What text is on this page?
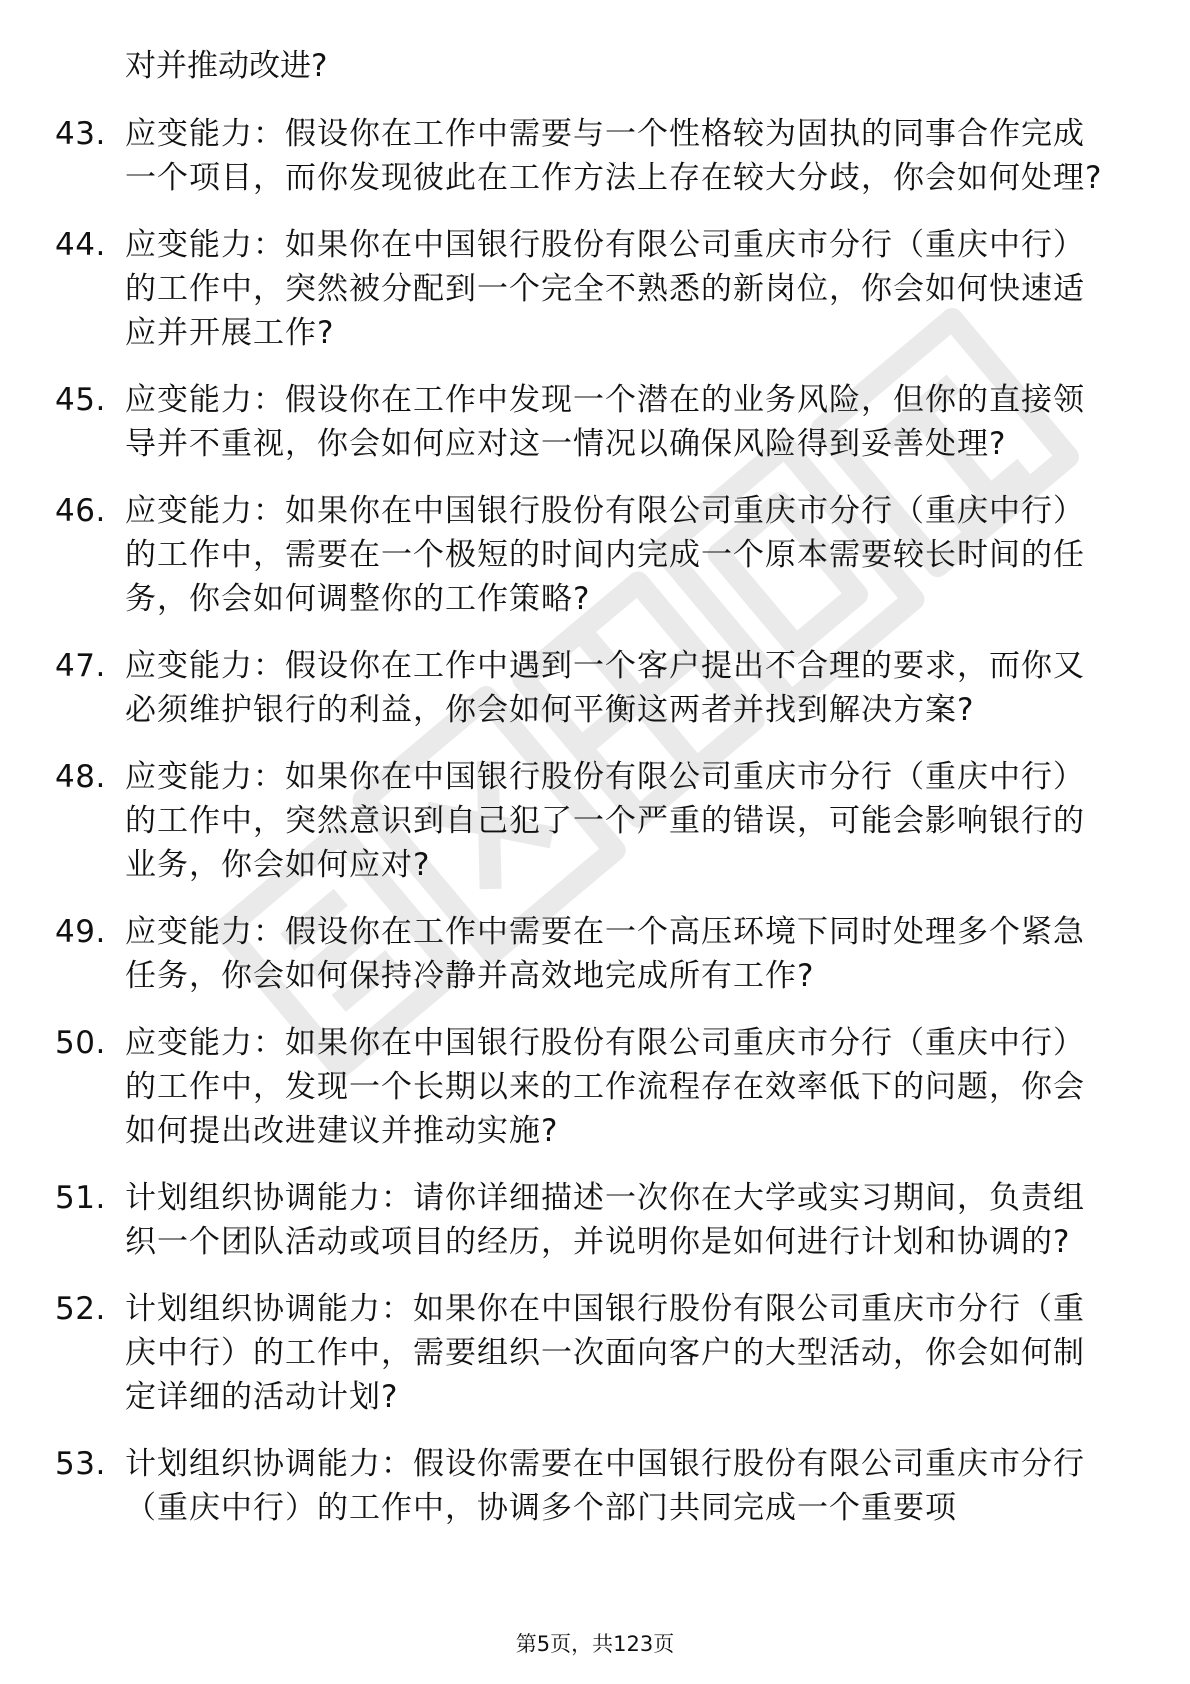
对并推动改进?
43. 应变能力：假设你在工作中需要与一个性格较为固执的同事合作完成一个项目，而你发现彼此在工作方法上存在较大分歧，你会如何处理?
44. 应变能力：如果你在中国银行股份有限公司重庆市分行（重庆中行）的工作中，突然被分配到一个完全不熟悉的新岗位，你会如何快速适应并开展工作?
45. 应变能力：假设你在工作中发现一个潜在的业务风险，但你的直接领导并不重视，你会如何应对这一情况以确保风险得到妥善处理?
46. 应变能力：如果你在中国银行股份有限公司重庆市分行（重庆中行）的工作中，需要在一个极短的时间内完成一个原本需要较长时间的任务，你会如何调整你的工作策略?
47. 应变能力：假设你在工作中遇到一个客户提出不合理的要求，而你又必须维护银行的利益，你会如何平衡这两者并找到解决方案?
48. 应变能力：如果你在中国银行股份有限公司重庆市分行（重庆中行）的工作中，突然意识到自己犯了一个严重的错误，可能会影响银行的业务，你会如何应对?
49. 应变能力：假设你在工作中需要在一个高压环境下同时处理多个紧急任务，你会如何保持冷静并高效地完成所有工作?
50. 应变能力：如果你在中国银行股份有限公司重庆市分行（重庆中行）的工作中，发现一个长期以来的工作流程存在效率低下的问题，你会如何提出改进建议并推动实施?
51. 计划组织协调能力：请你详细描述一次你在大学或实习期间，负责组织一个团队活动或项目的经历，并说明你是如何进行计划和协调的?
52. 计划组织协调能力：如果你在中国银行股份有限公司重庆市分行（重庆中行）的工作中，需要组织一次面向客户的大型活动，你会如何制定详细的活动计划?
53. 计划组织协调能力：假设你需要在中国银行股份有限公司重庆市分行（重庆中行）的工作中，协调多个部门共同完成一个重要项
第5页，共123页
